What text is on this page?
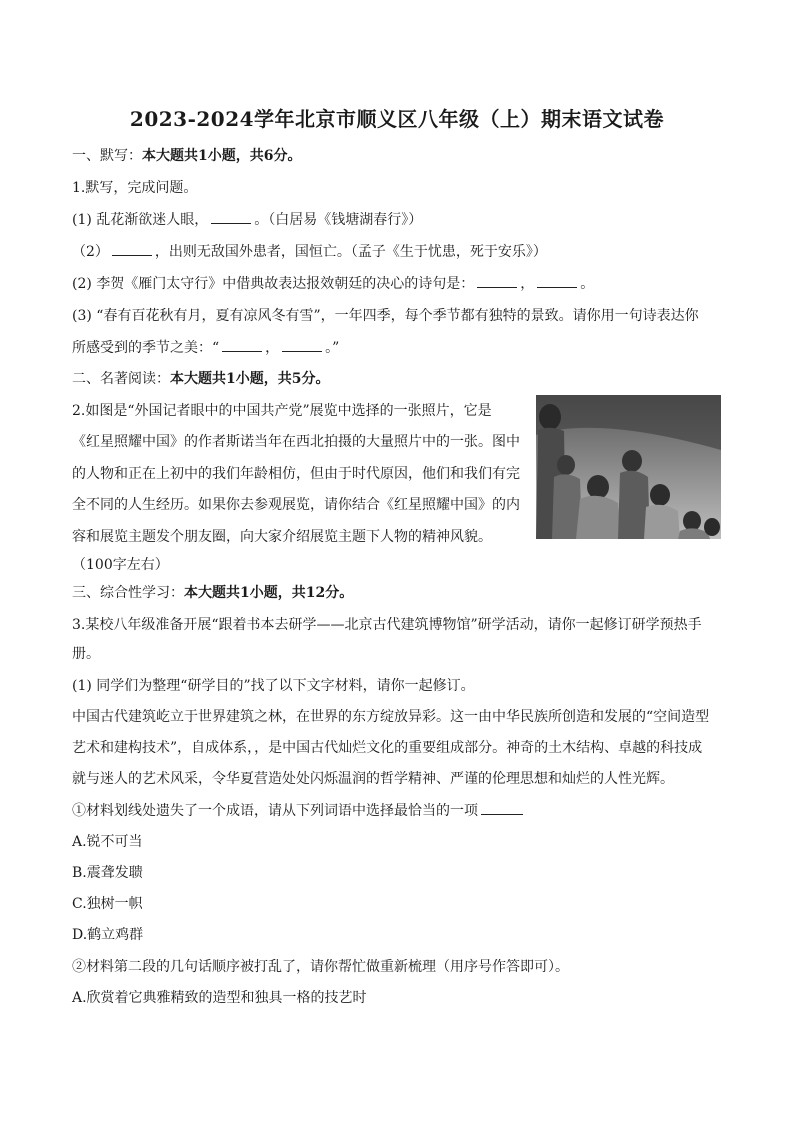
2023-2024学年北京市顺义区八年级（上）期末语文试卷
一、默写：本大题共1小题，共6分。
1.默写，完成问题。
(1) 乱花渐欲迷人眼，	。（白居易《钱塘湖春行》）
（2）	，出则无敌国外患者，国恒亡。（孟子《生于忧患，死于安乐》）
(2) 李贺《雁门太守行》中借典故表达报效朝廷的决心的诗句是：	，	。
(3) “春有百花秋有月，夏有凉风冬有雪”，一年四季，每个季节都有独特的景致。请你用一句诗表达你
所感受到的季节之美：“	，	。”
二、名著阅读：本大题共1小题，共5分。
2.如图是“外国记者眼中的中国共产党”展览中选择的一张照片，它是
《红星照耀中国》的作者斯诺当年在西北拍摄的大量照片中的一张。图中
的人物和正在上初中的我们年龄相仿，但由于时代原因，他们和我们有完
全不同的人生经历。如果你去参观展览，请你结合《红星照耀中国》的内
容和展览主题发个朋友圈，向大家介绍展览主题下人物的精神风貌。
（100字左右）
三、综合性学习：本大题共1小题，共12分。
3.某校八年级准备开展“跟着书本去研学——北京古代建筑博物馆”研学活动，请你一起修订研学预热手
册。
(1) 同学们为整理“研学目的”找了以下文字材料，请你一起修订。
中国古代建筑屹立于世界建筑之林，在世界的东方绽放异彩。这一由中华民族所创造和发展的“空间造型
艺术和建构技术”，自成体系，，是中国古代灿烂文化的重要组成部分。神奇的土木结构、卓越的科技成
就与迷人的艺术风采，令华夏营造处处闪烁温润的哲学精神、严谨的伦理思想和灿烂的人性光辉。
①材料划线处遗失了一个成语，请从下列词语中选择最恰当的一项
A.锐不可当
B.震聋发聩
C.独树一帜
D.鹤立鸡群
②材料第二段的几句话顺序被打乱了，请你帮忙做重新梳理（用序号作答即可）。
A.欣赏着它典雅精致的造型和独具一格的技艺时
